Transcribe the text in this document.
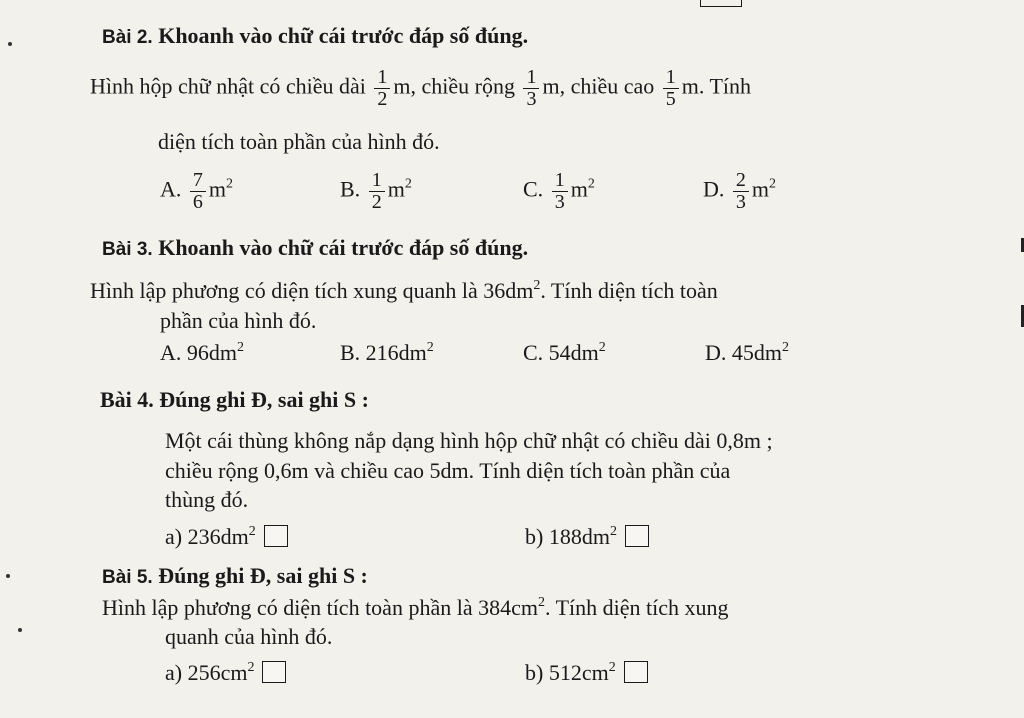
Bài 2. Khoanh vào chữ cái trước đáp số đúng.
Hình hộp chữ nhật có chiều dài $\frac{1}{2} m$, chiều rộng $\frac{1}{3} m$, chiều cao $\frac{1}{5} m$. Tính
diện tích toàn phần của hình đó.
A. $\frac{7}{6} m^2$	B. $\frac{1}{2} m^2$	C. $\frac{1}{3} m^2$	D. $\frac{2}{3} m^2$
Bài 3. Khoanh vào chữ cái trước đáp số đúng.
Hình lập phương có diện tích xung quanh là $36dm^2$. Tính diện tích toàn
phần của hình đó.
A. $96dm^2$	B. $216dm^2$	C. $54dm^2$	D. $45dm^2$
Bài 4. Đúng ghi Đ, sai ghi S :
Một cái thùng không nắp dạng hình hộp chữ nhật có chiều dài 0,8m ;
chiều rộng 0,6m và chiều cao 5dm. Tính diện tích toàn phần của
thùng đó.
a) $236dm^2$	b) $188dm^2$
Bài 5. Đúng ghi Đ, sai ghi S :
Hình lập phương có diện tích toàn phần là $384cm^2$. Tính diện tích xung
quanh của hình đó.
a) $256cm^2$	b) $512cm^2$
